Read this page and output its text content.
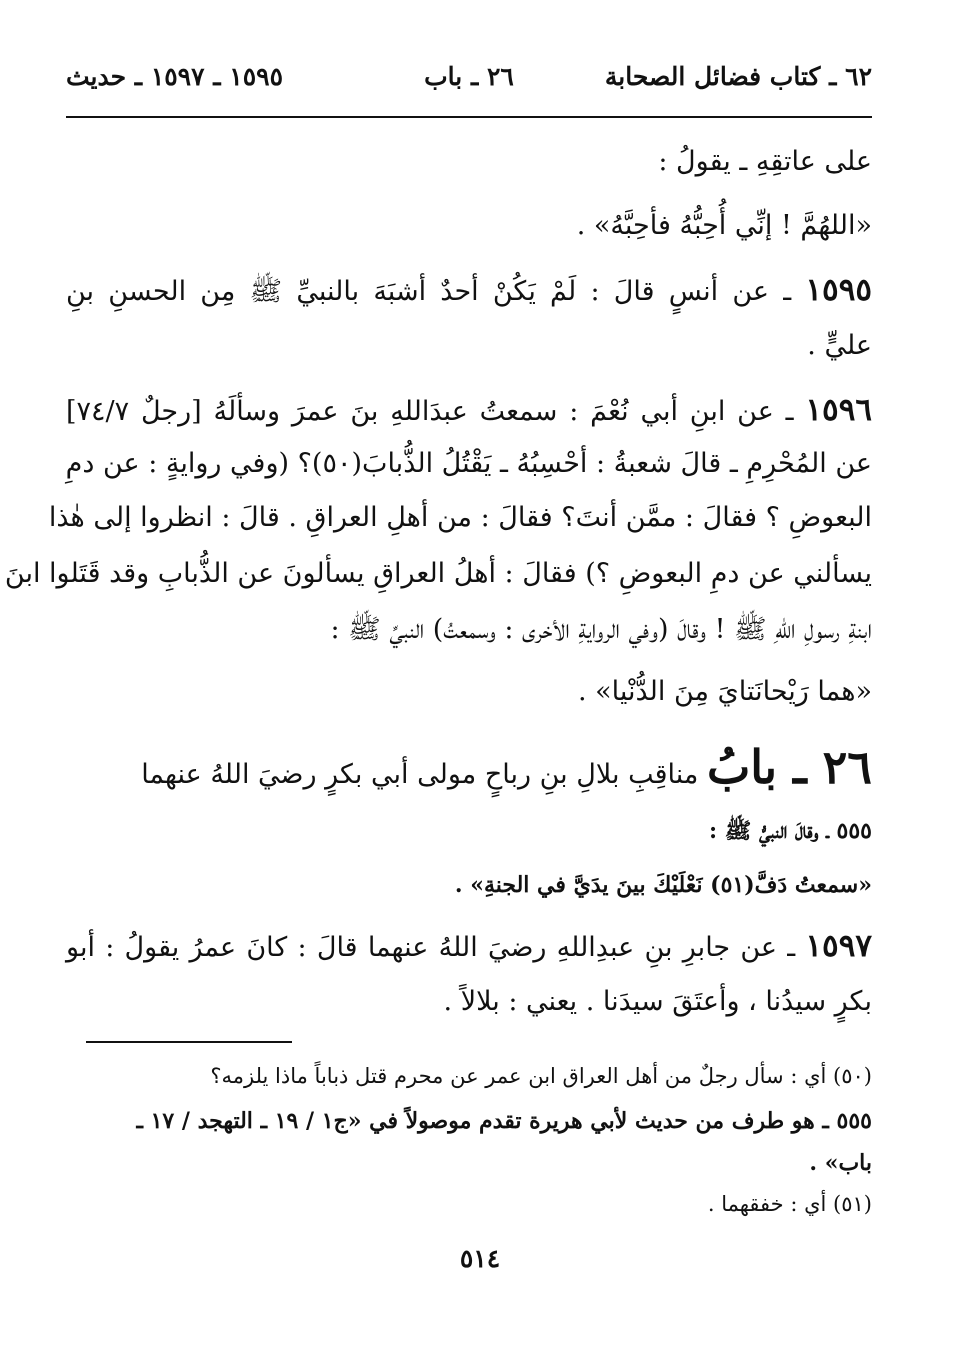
٦٢ ـ كتاب فضائل الصحابة
٢٦ ـ باب
١٥٩٥ ـ ١٥٩٧ ـ حديث
على عاتقِهِ ـ يقولُ :
«اللهُمَّ ! إنِّي أُحِبُّهُ فأحِبَّهُ» .
١٥٩٥ ـ عن أنسٍ قالَ : لَمْ يَكُنْ أحدٌ أشبَهَ بالنبيِّ ﷺ مِن الحسنِ بنِ
عليٍّ .
١٥٩٦ ـ عن ابنِ أبي نُعْمَ : سمعتُ عبدَاللهِ بنَ عمرَ وسألَهُ [رجلٌ ٧٤/٧]
عن المُحْرِمِ ـ قالَ شعبةُ : أحْسِبُهُ ـ يَقْتُلُ الذُّبابَ(٥٠)؟ (وفي روايةٍ : عن دمِ
البعوضِ ؟ فقالَ : ممَّن أنتَ؟ فقالَ : من أهلِ العراقِ . قالَ : انظروا إلى هٰذا
يسألني عن دمِ البعوضِ ؟) فقالَ : أهلُ العراقِ يسألونَ عن الذُّبابِ وقد قَتَلوا ابنَ
ابنةِ رسولِ اللهِ ﷺ ! وقالَ (وفي الروايةِ الأخرى : وسمعتُ) النبيِّ ﷺ :
«هما رَيْحانَتايَ مِنَ الدُّنْيا» .
٢٦ ـ بابُ مناقِبِ بلالِ بنِ رباحٍ مولى أبي بكرٍ رضيَ اللهُ عنهما
٥٥٥ ـ وقالَ النبيُّ ﷺ :
«سمعتُ دَفَّ(٥١) نَعْلَيْكَ بينَ يدَيَّ في الجنةِ» .
١٥٩٧ ـ عن جابرِ بنِ عبدِاللهِ رضيَ اللهُ عنهما قالَ : كانَ عمرُ يقولُ : أبو
بكرٍ سيدُنا ، وأعتَقَ سيدَنا . يعني : بلالاً .
(٥٠) أي : سأل رجلٌ من أهل العراق ابن عمر عن محرم قتل ذباباً ماذا يلزمه؟
٥٥٥ ـ هو طرف من حديث لأبي هريرة تقدم موصولاً في «ج١ / ١٩ ـ التهجد / ١٧ ـ
باب» .
(٥١) أي : خفقهما .
٥١٤
